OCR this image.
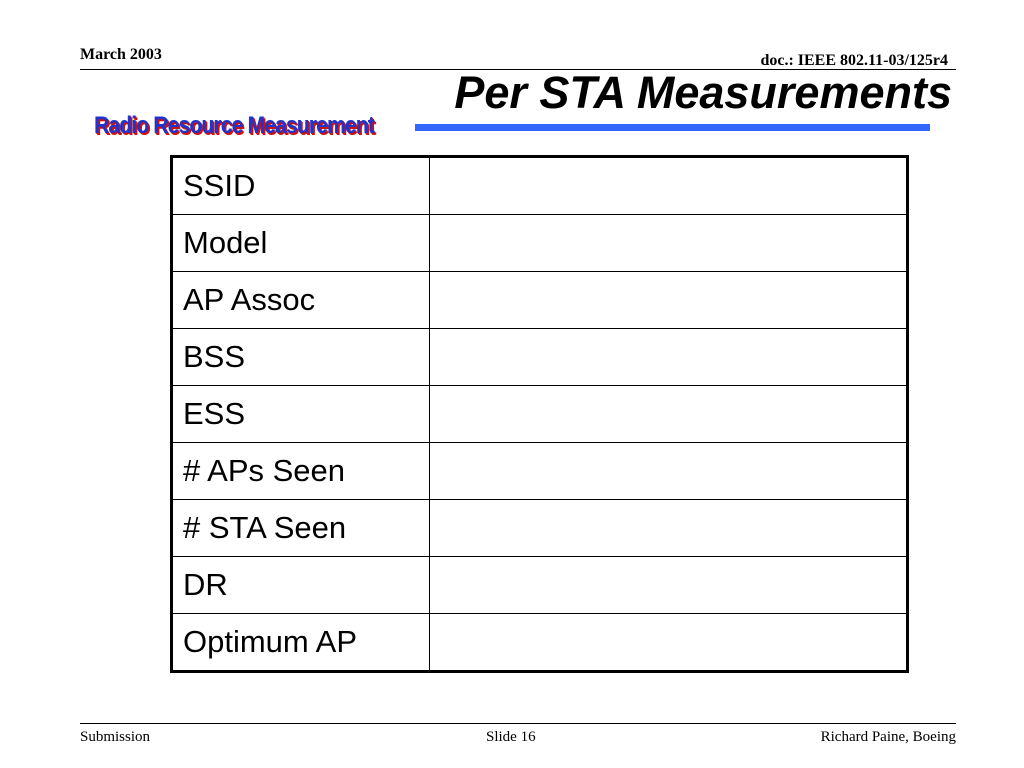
March 2003	doc.: IEEE 802.11-03/125r4
Per STA Measurements
Radio Resource Measurement
SSID	
Model	
AP Assoc	
BSS	
ESS	
# APs Seen	
# STA Seen	
DR	
Optimum AP	
Submission	Slide 16	Richard Paine, Boeing
